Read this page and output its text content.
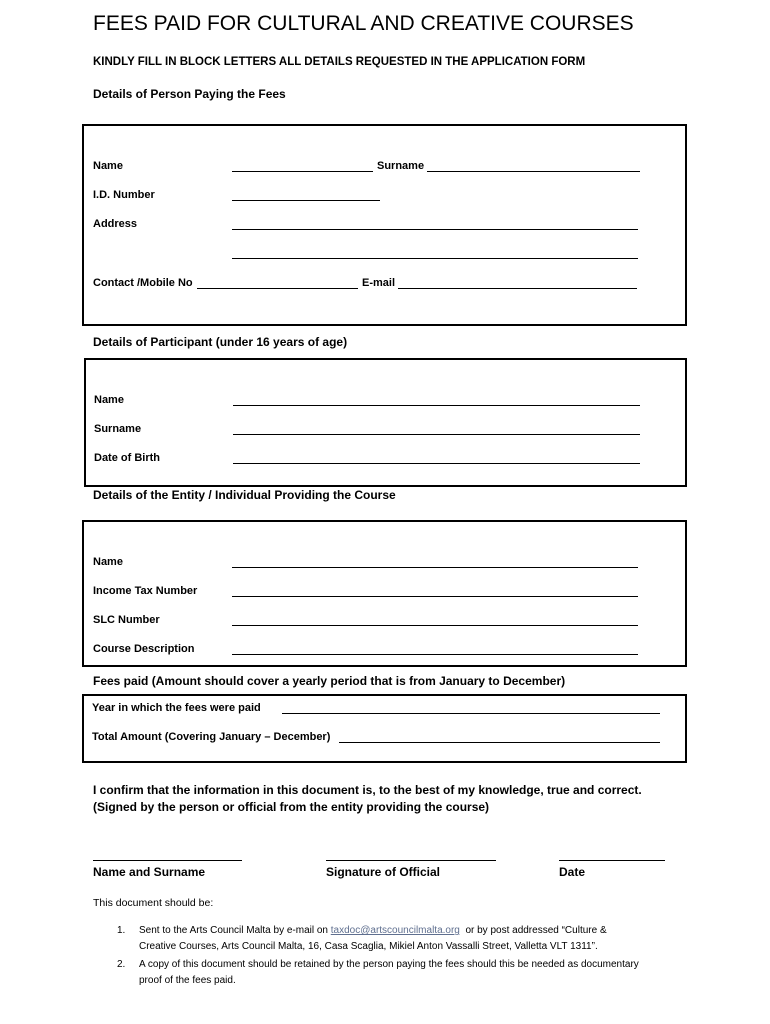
FEES PAID FOR CULTURAL AND CREATIVE COURSES
KINDLY FILL IN BLOCK LETTERS ALL DETAILS REQUESTED IN THE APPLICATION FORM
Details of Person Paying the Fees
Name	Surname
I.D. Number
Address
Contact /Mobile No	E-mail
Details of Participant (under 16 years of age)
Name
Surname
Date of Birth
Details of the Entity / Individual Providing the Course
Name
Income Tax Number
SLC Number
Course Description
Fees paid (Amount should cover a yearly period that is from January to December)
Year in which the fees were paid
Total Amount (Covering January – December)
I confirm that the information in this document is, to the best of my knowledge, true and correct.
(Signed by the person or official from the entity providing the course)
Name and Surname	Signature of Official	Date
This document should be:
1. Sent to the Arts Council Malta by e-mail on taxdoc@artscouncilmalta.org or by post addressed “Culture &
Creative Courses, Arts Council Malta, 16, Casa Scaglia, Mikiel Anton Vassalli Street, Valletta VLT 1311”.
2. A copy of this document should be retained by the person paying the fees should this be needed as documentary
proof of the fees paid.
